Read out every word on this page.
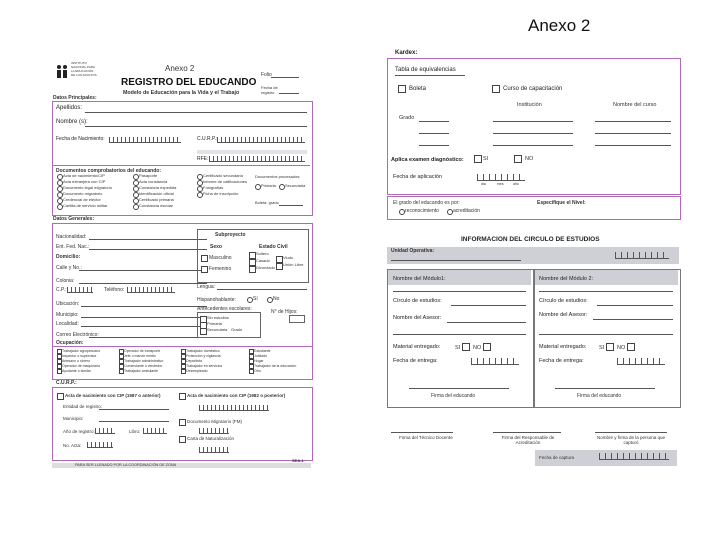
Anexo 2
INSTITUTO
NACIONAL PARA
LA EDUCACIÓN
DE LOS ADULTOS
Anexo 2
REGISTRO DEL EDUCANDO
Modelo de Educación para la Vida y el Trabajo
Folio
Fecha de registro
Datos Principales:
Apellidos:
Nombre (s):
Fecha de Nacimiento:	C.U.R.P.:
RFE:
Documentos comprobatorios del educando:
Acta de nacimiento/CIP
Acta extranjera con CIP
Documento legal migratorio
Documento migratorio
Credencial de elector
Cartilla de servicio militar
Pasaporte
Acta constancia
Constancia expedida
Identificación oficial
Certificado primaria
Constancia escolar
Certificado secundaria
Informe de calificaciones
Fotografías
Ficha de inscripción
Documentos procesados:
Primaria Secundaria
Boleta: grado
Datos Generales:
Nacionalidad:
Ent. Fed. Nac.:
Domicilio:
Calle y No.:
Colonia:
C.P.:	Teléfono:
Ubicación:
Municipio:
Localidad:
Correo Electrónico:
Subproyecto
Sexo
Masculino
Femenino
Estado Civil
Soltero
Casado
Divorciado
Viudo
Unión Libre
Lengua:
Hispanohablante:	Sí	No
Antecedentes escolares:
Sin estudios
Primaria
Secundaria Grado
N° de Hijos:
Ocupación:
Trabajador agropecuario
Inspector o supervisor
Artesano u obrero
Operador de maquinaria
Ayudante o similar
Operador de transporte
Jefe o mando medio
Trabajador administrativo
Comerciante o vendedor
Trabajador ambulante
Trabajador doméstico
Protección y vigilancia
Deportista
Trabajador en servicios
Desempleado
Estudiante
Jubilado
Hogar
Trabajador de la educación
Otro
C.U.R.P.:
Acta de nacimiento con CIP (1987 o anterior)	Acta de nacimiento con CIP (1982 o posterior)
Entidad de registro:
Municipio:
Año de registro:	Libro:
No. Acta:
Documento Migratorio (FM)
Carta de Naturalización
PARA SER LLENADO POR LA COORDINACIÓN DE ZONA
SEA-1
Kardex:
Tabla de equivalencias
Boleta	Curso de capacitación
Institución	Nombre del curso
Grado
Aplica examen diagnóstico:	SI	NO
Fecha de aplicación
día	mes	año
El grado del educando es por:
reconocimiento	acreditación
Especifique el Nivel:
INFORMACION DEL CIRCULO DE ESTUDIOS
Unidad Operativa:
Nombre del Módulo1:
Círculo de estudios:
Nombre del Asesor:
Material entregado:	SI NO
Fecha de entrega:
Firma del educando
Nombre del Módulo 2:
Círculo de estudios:
Nombre del Asesor:
Material entregado: SI NO
Fecha de entrega:
Firma del educando
Firma del Técnico Docente	Firma del Responsable de Acreditación
Nombre y firma de la persona que capturó
Fecha de captura
